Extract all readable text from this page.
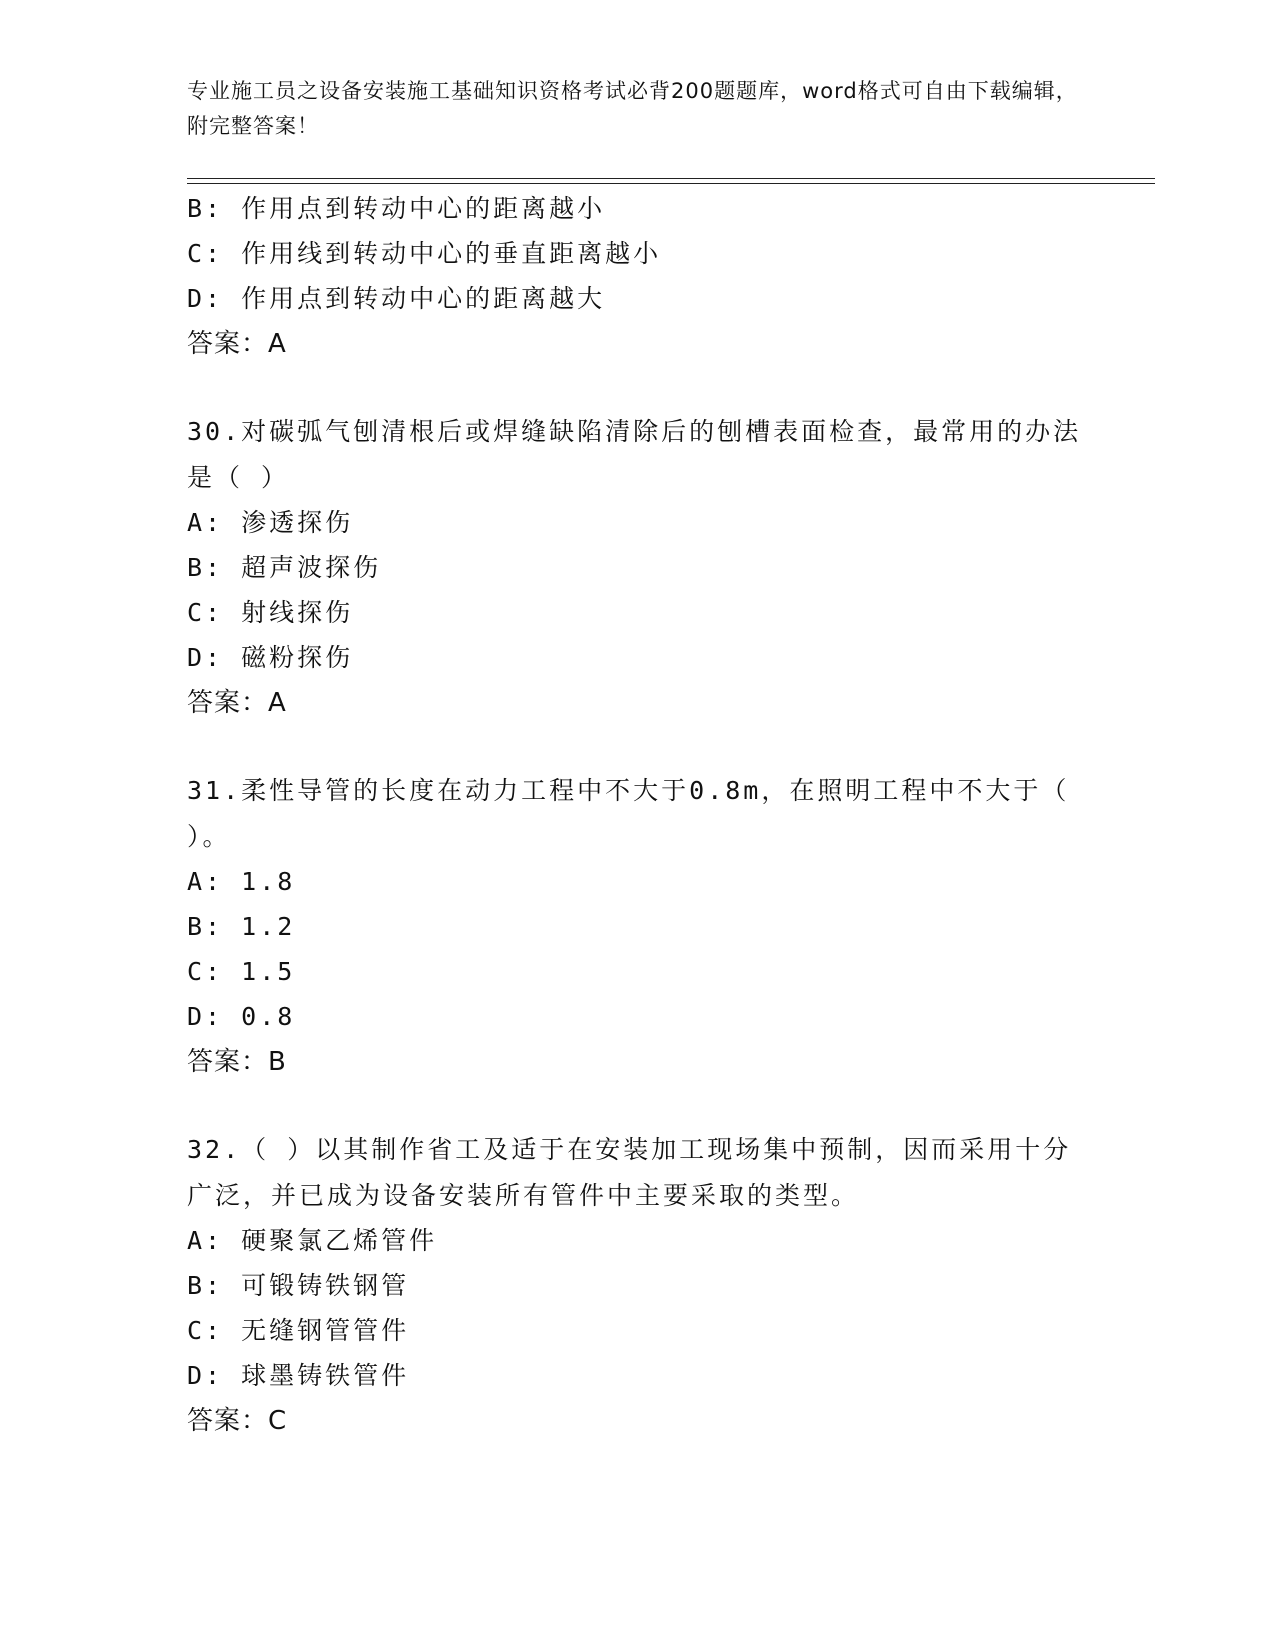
专业施工员之设备安装施工基础知识资格考试必背200题题库，word格式可自由下载编辑，附完整答案！
B: 作用点到转动中心的距离越小
C: 作用线到转动中心的垂直距离越小
D: 作用点到转动中心的距离越大
答案：A
30.对碳弧气刨清根后或焊缝缺陷清除后的刨槽表面检查，最常用的办法是（ ）
A: 渗透探伤
B: 超声波探伤
C: 射线探伤
D: 磁粉探伤
答案：A
31.柔性导管的长度在动力工程中不大于0.8m，在照明工程中不大于（ ）。
A: 1.8
B: 1.2
C: 1.5
D: 0.8
答案：B
32.（ ）以其制作省工及适于在安装加工现场集中预制，因而采用十分广泛，并已成为设备安装所有管件中主要采取的类型。
A: 硬聚氯乙烯管件
B: 可锻铸铁钢管
C: 无缝钢管管件
D: 球墨铸铁管件
答案：C
